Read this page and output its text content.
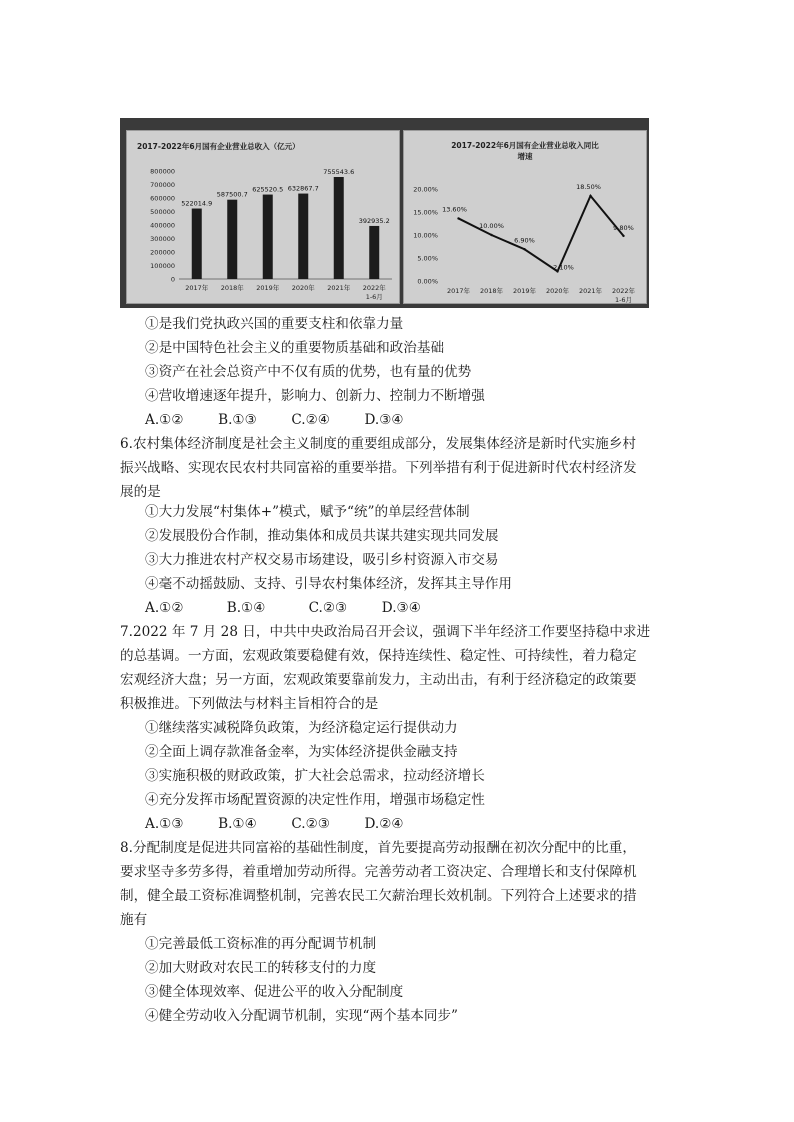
2017-2022年6月国有企业营业总收入（亿元）
0
100000
200000
300000
400000
500000
600000
700000
800000
522014.9
2017年
587500.7
2018年
625520.5
2019年
632867.7
2020年
755543.6
2021年
392935.2
2022年
1-6月
2017-2022年6月国有企业营业总收入同比
增速
0.00%
5.00%
10.00%
15.00%
20.00%
13.60%
2017年
10.00%
2018年
6.90%
2019年
2.10%
2020年
18.50%
2021年
9.80%
2022年
1-6月
①是我们党执政兴国的重要支柱和依靠力量
②是中国特色社会主义的重要物质基础和政治基础
③资产在社会总资产中不仅有质的优势，也有量的优势
④营收增速逐年提升，影响力、创新力、控制力不断增强
A.①②        B.①③        C.②④        D.③④
6.农村集体经济制度是社会主义制度的重要组成部分，发展集体经济是新时代实施乡村
振兴战略、实现农民农村共同富裕的重要举措。下列举措有利于促进新时代农村经济发
展的是
①大力发展“村集体+”模式，赋予“统”的单层经营体制
②发展股份合作制，推动集体和成员共谋共建实现共同发展
③大力推进农村产权交易市场建设，吸引乡村资源入市交易
④毫不动摇鼓励、支持、引导农村集体经济，发挥其主导作用
A.①②          B.①④          C.②③        D.③④
7.2022 年 7 月 28 日，中共中央政治局召开会议，强调下半年经济工作要坚持稳中求进
的总基调。一方面，宏观政策要稳健有效，保持连续性、稳定性、可持续性，着力稳定
宏观经济大盘；另一方面，宏观政策要靠前发力，主动出击，有利于经济稳定的政策要
积极推进。下列做法与材料主旨相符合的是
①继续落实减税降负政策，为经济稳定运行提供动力
②全面上调存款准备金率，为实体经济提供金融支持
③实施积极的财政政策，扩大社会总需求，拉动经济增长
④充分发挥市场配置资源的决定性作用，增强市场稳定性
A.①③        B.①④        C.②③        D.②④
8.分配制度是促进共同富裕的基础性制度，首先要提高劳动报酬在初次分配中的比重，
要求坚寺多劳多得，着重增加劳动所得。完善劳动者工资决定、合理增长和支付保障机
制，健全最工资标准调整机制，完善农民工欠薪治理长效机制。下列符合上述要求的措
施有
①完善最低工资标准的再分配调节机制
②加大财政对农民工的转移支付的力度
③健全体现效率、促进公平的收入分配制度
④健全劳动收入分配调节机制，实现“两个基本同步”
